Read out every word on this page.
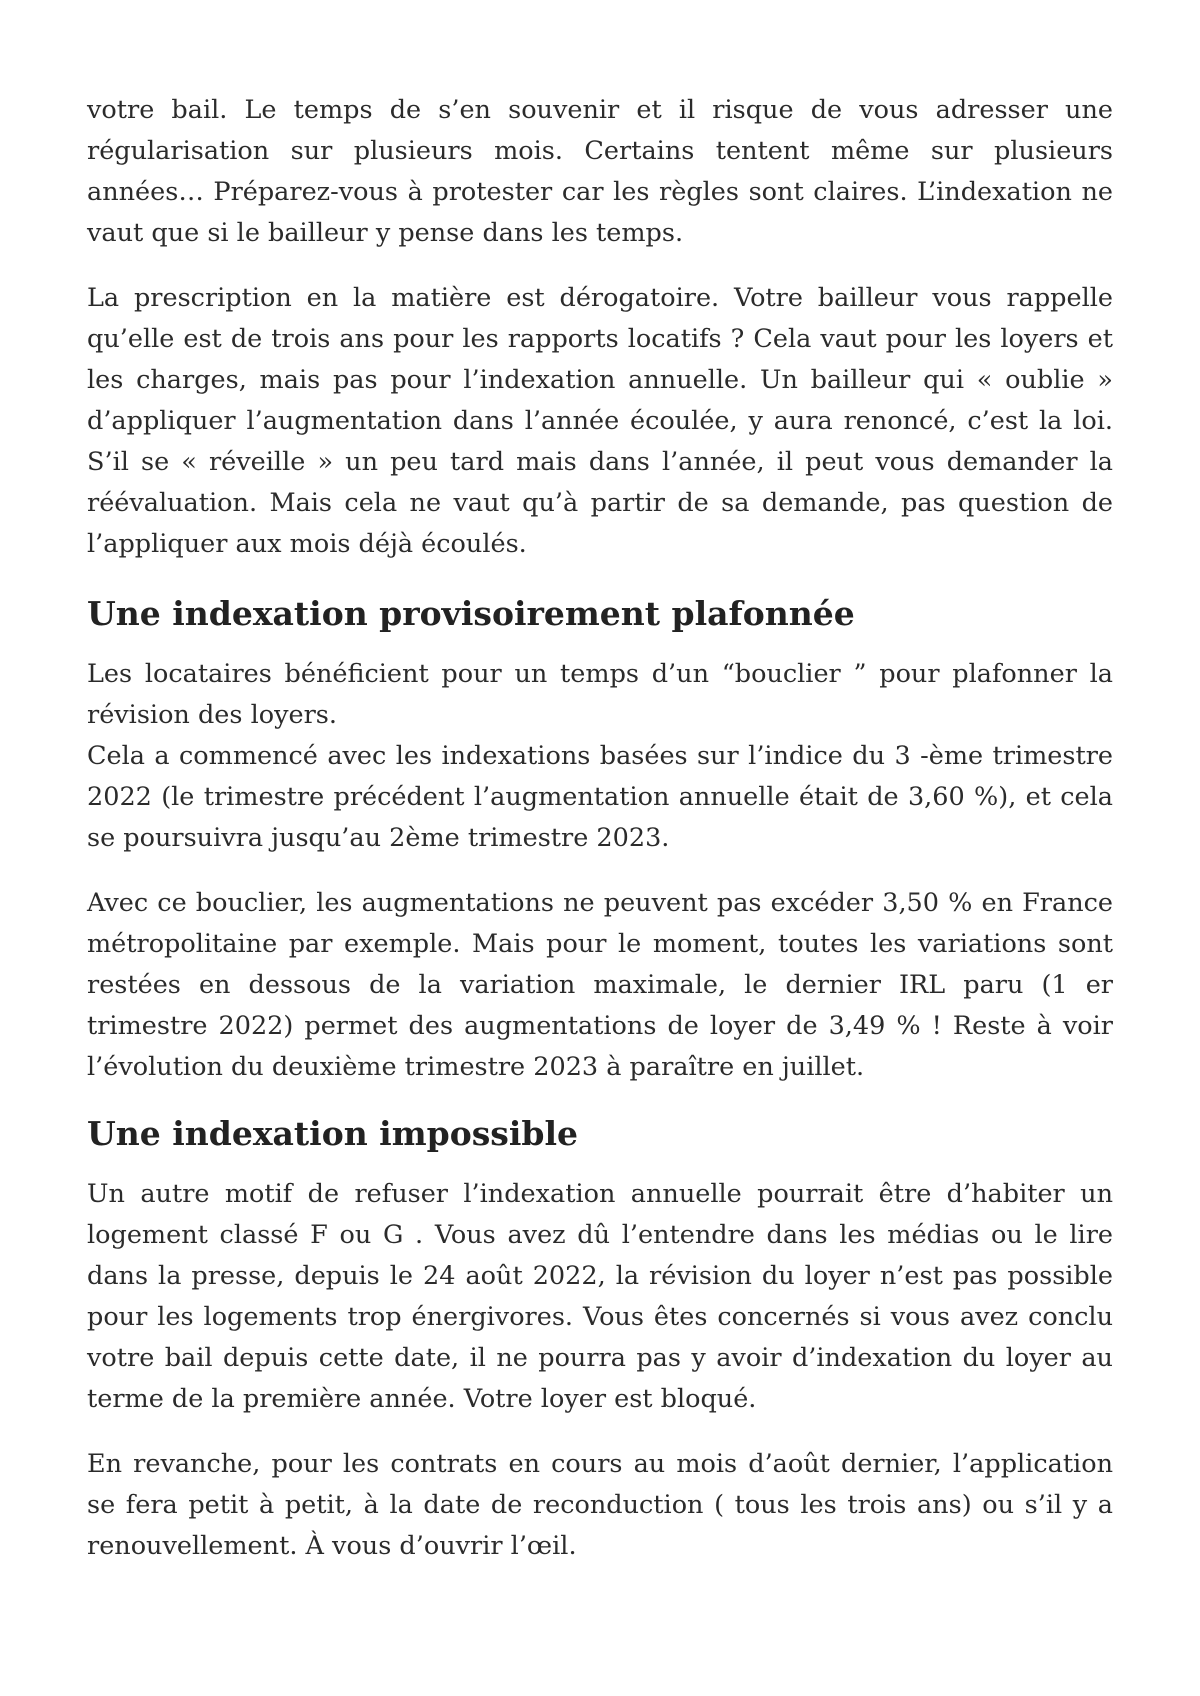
votre bail. Le temps de s’en souvenir et il risque de vous adresser une régularisation sur plusieurs mois. Certains tentent même sur plusieurs années… Préparez-vous à protester car les règles sont claires. L’indexation ne vaut que si le bailleur y pense dans les temps.

La prescription en la matière est dérogatoire. Votre bailleur vous rappelle qu’elle est de trois ans pour les rapports locatifs ? Cela vaut pour les loyers et les charges, mais pas pour l’indexation annuelle. Un bailleur qui « oublie » d’appliquer l’augmentation dans l’année écoulée, y aura renoncé, c’est la loi. S’il se « réveille » un peu tard mais dans l’année, il peut vous demander la réévaluation. Mais cela ne vaut qu’à partir de sa demande, pas question de l’appliquer aux mois déjà écoulés.

Une indexation provisoirement plafonnée

Les locataires bénéficient pour un temps d’un “bouclier ” pour plafonner la révision des loyers.

Cela a commencé avec les indexations basées sur l’indice du 3 -ème trimestre 2022 (le trimestre précédent l’augmentation annuelle était de 3,60 %), et cela se poursuivra jusqu’au 2ème trimestre 2023.

Avec ce bouclier, les augmentations ne peuvent pas excéder 3,50 % en France métropolitaine par exemple. Mais pour le moment, toutes les variations sont restées en dessous de la variation maximale, le dernier IRL paru (1 er trimestre 2022) permet des augmentations de loyer de 3,49 % ! Reste à voir l’évolution du deuxième trimestre 2023 à paraître en juillet.

Une indexation impossible

Un autre motif de refuser l’indexation annuelle pourrait être d’habiter un logement classé F ou G . Vous avez dû l’entendre dans les médias ou le lire dans la presse, depuis le 24 août 2022, la révision du loyer n’est pas possible pour les logements trop énergivores. Vous êtes concernés si vous avez conclu votre bail depuis cette date, il ne pourra pas y avoir d’indexation du loyer au terme de la première année. Votre loyer est bloqué.

En revanche, pour les contrats en cours au mois d’août dernier, l’application se fera petit à petit, à la date de reconduction ( tous les trois ans) ou s’il y a renouvellement. À vous d’ouvrir l’œil.
